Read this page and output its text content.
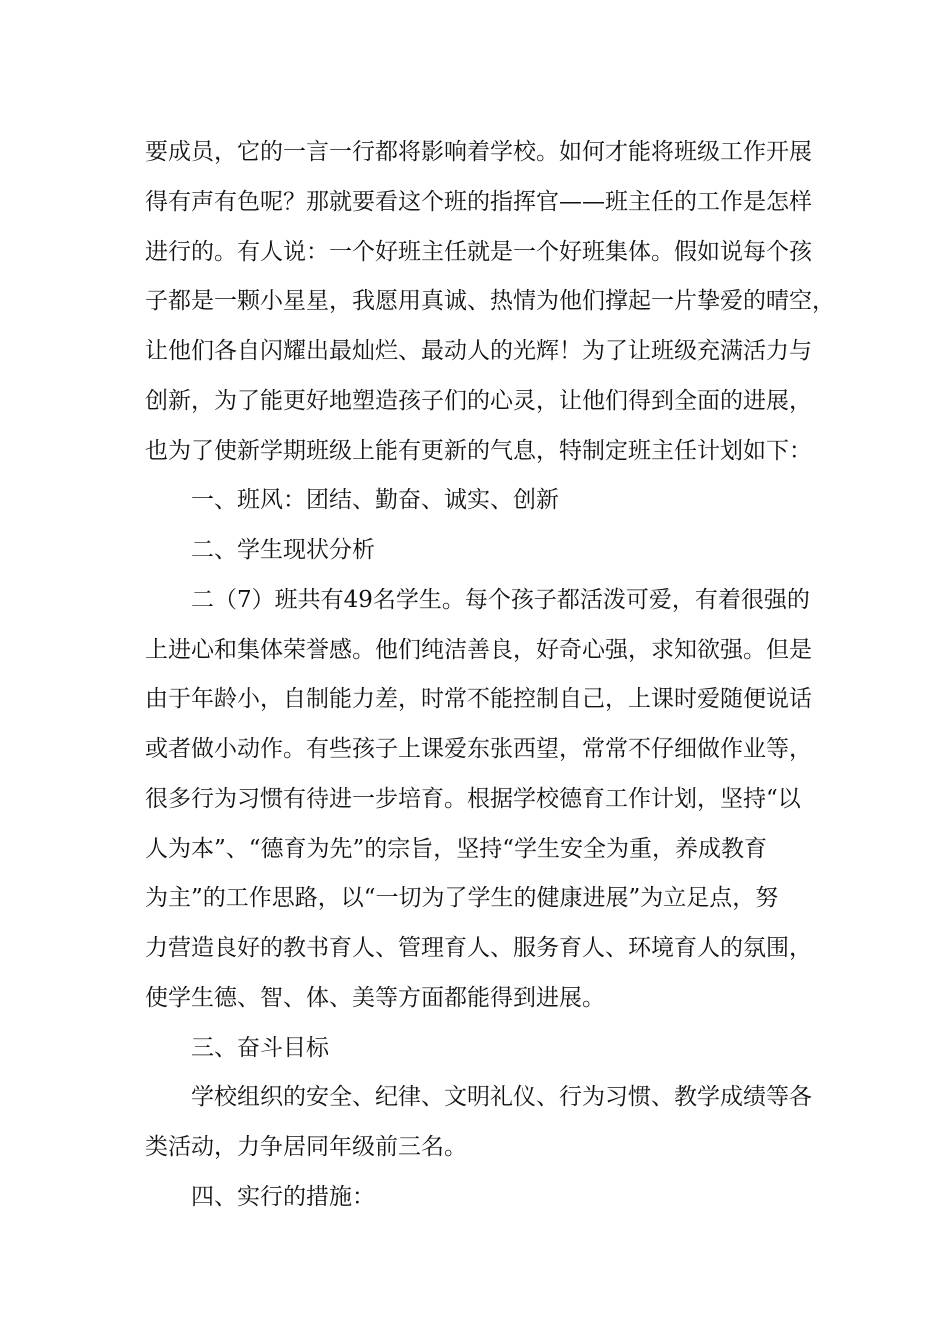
要成员，它的一言一行都将影响着学校。如何才能将班级工作开展
得有声有色呢？那就要看这个班的指挥官——班主任的工作是怎样
进行的。有人说：一个好班主任就是一个好班集体。假如说每个孩
子都是一颗小星星，我愿用真诚、热情为他们撑起一片挚爱的晴空，
让他们各自闪耀出最灿烂、最动人的光辉！为了让班级充满活力与
创新，为了能更好地塑造孩子们的心灵，让他们得到全面的进展，
也为了使新学期班级上能有更新的气息，特制定班主任计划如下：
一、班风：团结、勤奋、诚实、创新
二、学生现状分析
二（7）班共有49名学生。每个孩子都活泼可爱，有着很强的
上进心和集体荣誉感。他们纯洁善良，好奇心强，求知欲强。但是
由于年龄小，自制能力差，时常不能控制自己，上课时爱随便说话
或者做小动作。有些孩子上课爱东张西望，常常不仔细做作业等，
很多行为习惯有待进一步培育。根据学校德育工作计划，坚持“以
人为本”、“德育为先”的宗旨，坚持“学生安全为重，养成教育
为主”的工作思路，以“一切为了学生的健康进展”为立足点，努
力营造良好的教书育人、管理育人、服务育人、环境育人的氛围，
使学生德、智、体、美等方面都能得到进展。
三、奋斗目标
学校组织的安全、纪律、文明礼仪、行为习惯、教学成绩等各
类活动，力争居同年级前三名。
四、实行的措施：
